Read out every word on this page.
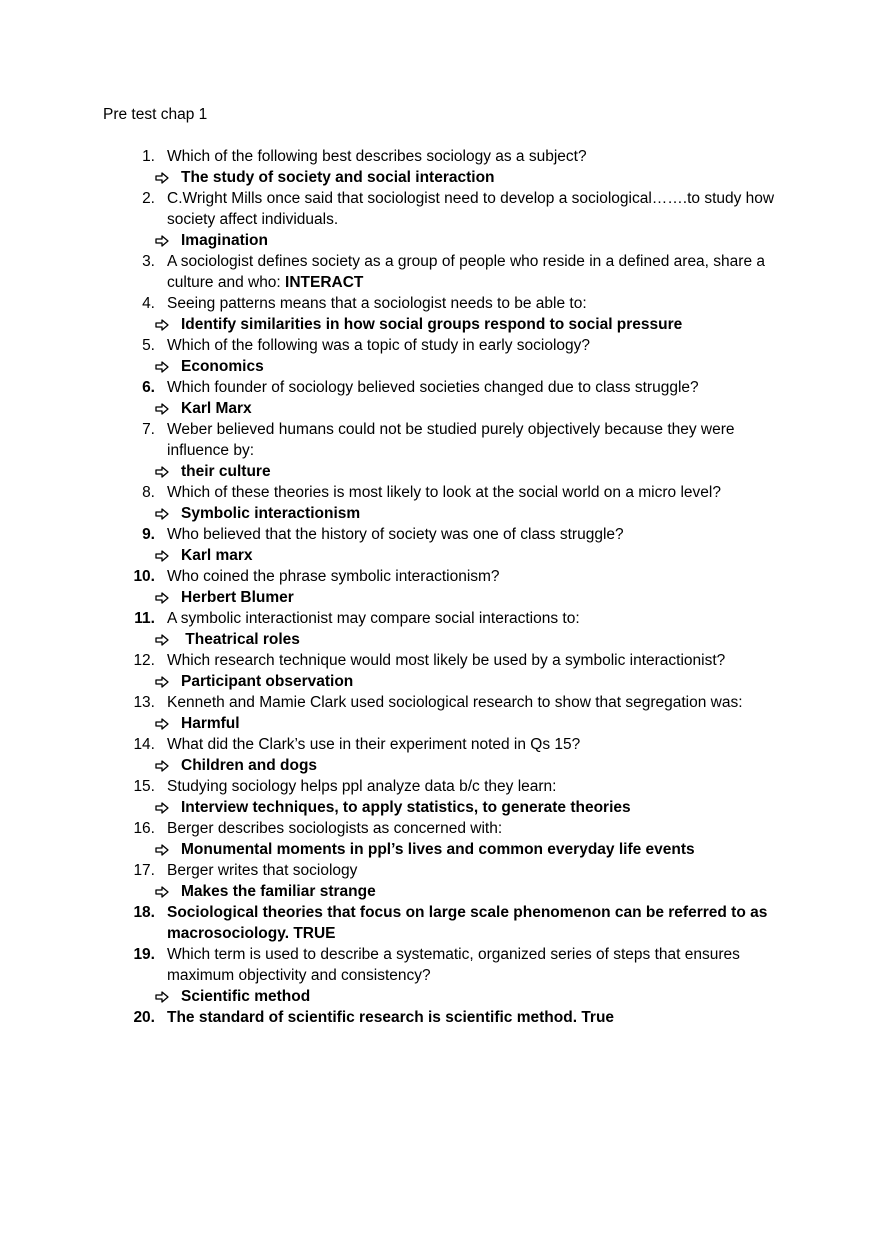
Pre test chap 1
1. Which of the following best describes sociology as a subject?
The study of society and social interaction
2. C.Wright Mills once said that sociologist need to develop a sociological…….to study how society affect individuals.
Imagination
3. A sociologist defines society as a group of people who reside in a defined area, share a culture and who: INTERACT
4. Seeing patterns means that a sociologist needs to be able to:
Identify similarities in how social groups respond to social pressure
5. Which of the following was a topic of study in early sociology?
Economics
6. Which founder of sociology believed societies changed due to class struggle?
Karl Marx
7. Weber believed humans could not be studied purely objectively because they were influence by:
their culture
8. Which of these theories is most likely to look at the social world on a micro level?
Symbolic interactionism
9. Who believed that the history of society was one of class struggle?
Karl marx
10. Who coined the phrase symbolic interactionism?
Herbert Blumer
11. A symbolic interactionist may compare social interactions to:
Theatrical roles
12. Which research technique would most likely be used by a symbolic interactionist?
Participant observation
13. Kenneth and Mamie Clark used sociological research to show that segregation was:
Harmful
14. What did the Clark’s use in their experiment noted in Qs 15?
Children and dogs
15. Studying sociology helps ppl analyze data b/c they learn:
Interview techniques, to apply statistics, to generate theories
16. Berger describes sociologists as concerned with:
Monumental moments in ppl’s lives and common everyday life events
17. Berger writes that sociology
Makes the familiar strange
18. Sociological theories that focus on large scale phenomenon can be referred to as macrosociology. TRUE
19. Which term is used to describe a systematic, organized series of steps that ensures maximum objectivity and consistency?
Scientific method
20. The standard of scientific research is scientific method. True
